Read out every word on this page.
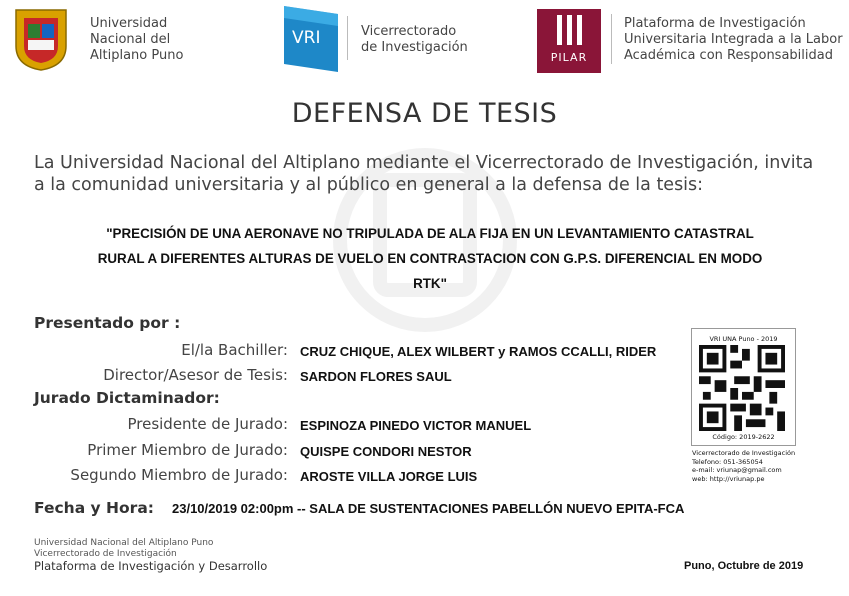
Universidad
Nacional del
Altiplano Puno
VRI	Vicerrectorado
de Investigación
PILAR
Plataforma de Investigación
Universitaria Integrada a la Labor
Académica con Responsabilidad
DEFENSA DE TESIS
La Universidad Nacional del Altiplano mediante el Vicerrectorado de Investigación, invita a la comunidad universitaria y al público en general a la defensa de la tesis:
"PRECISIÓN DE UNA AERONAVE NO TRIPULADA DE ALA FIJA EN UN LEVANTAMIENTO CATASTRAL
RURAL A DIFERENTES ALTURAS DE VUELO EN CONTRASTACION CON G.P.S. DIFERENCIAL EN MODO
RTK"
Presentado por :
El/la Bachiller: CRUZ CHIQUE, ALEX WILBERT y RAMOS CCALLI, RIDER
Director/Asesor de Tesis: SARDON FLORES SAUL
Jurado Dictaminador:
Presidente de Jurado: ESPINOZA PINEDO VICTOR MANUEL
Primer Miembro de Jurado: QUISPE CONDORI NESTOR
Segundo Miembro de Jurado: AROSTE VILLA JORGE LUIS
Fecha y Hora: 23/10/2019 02:00pm -- SALA DE SUSTENTACIONES PABELLÓN NUEVO EPITA-FCA
VRI UNA Puno - 2019
Código: 2019-2622
Vicerrectorado de Investigación
Telefono: 051-365054
e-mail: vriunap@gmail.com
web: http://vriunap.pe
Universidad Nacional del Altiplano Puno
Vicerrectorado de Investigación
Plataforma de Investigación y Desarrollo	Puno, Octubre de 2019
